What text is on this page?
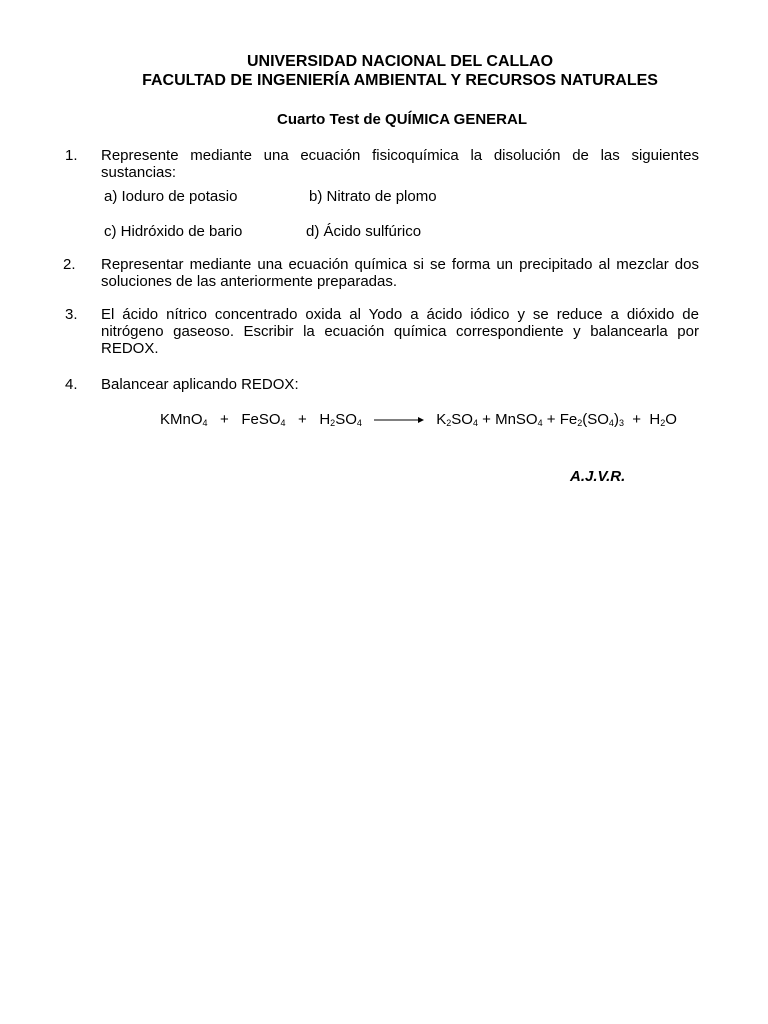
UNIVERSIDAD NACIONAL DEL CALLAO
FACULTAD DE INGENIERÍA AMBIENTAL Y RECURSOS NATURALES
Cuarto Test de QUÍMICA GENERAL
1. Represente mediante una ecuación fisicoquímica la disolución de las siguientes sustancias:
a) Ioduro de potasio	b) Nitrato de plomo
c) Hidróxido de bario	d) Ácido sulfúrico
2. Representar mediante una ecuación química si se forma un precipitado al mezclar dos soluciones de las anteriormente preparadas.
3. El ácido nítrico concentrado oxida al Yodo a ácido iódico y se reduce a dióxido de nitrógeno gaseoso. Escribir la ecuación química correspondiente y balancearla por REDOX.
4. Balancear aplicando REDOX:
KMnO$_4$ + FeSO$_4$ + $H_2SO_4 \to K_2SO_4$ + MnSO$_4$ + $Fe_2(SO_4)_3 + H_2O$
A.J.V.R.
